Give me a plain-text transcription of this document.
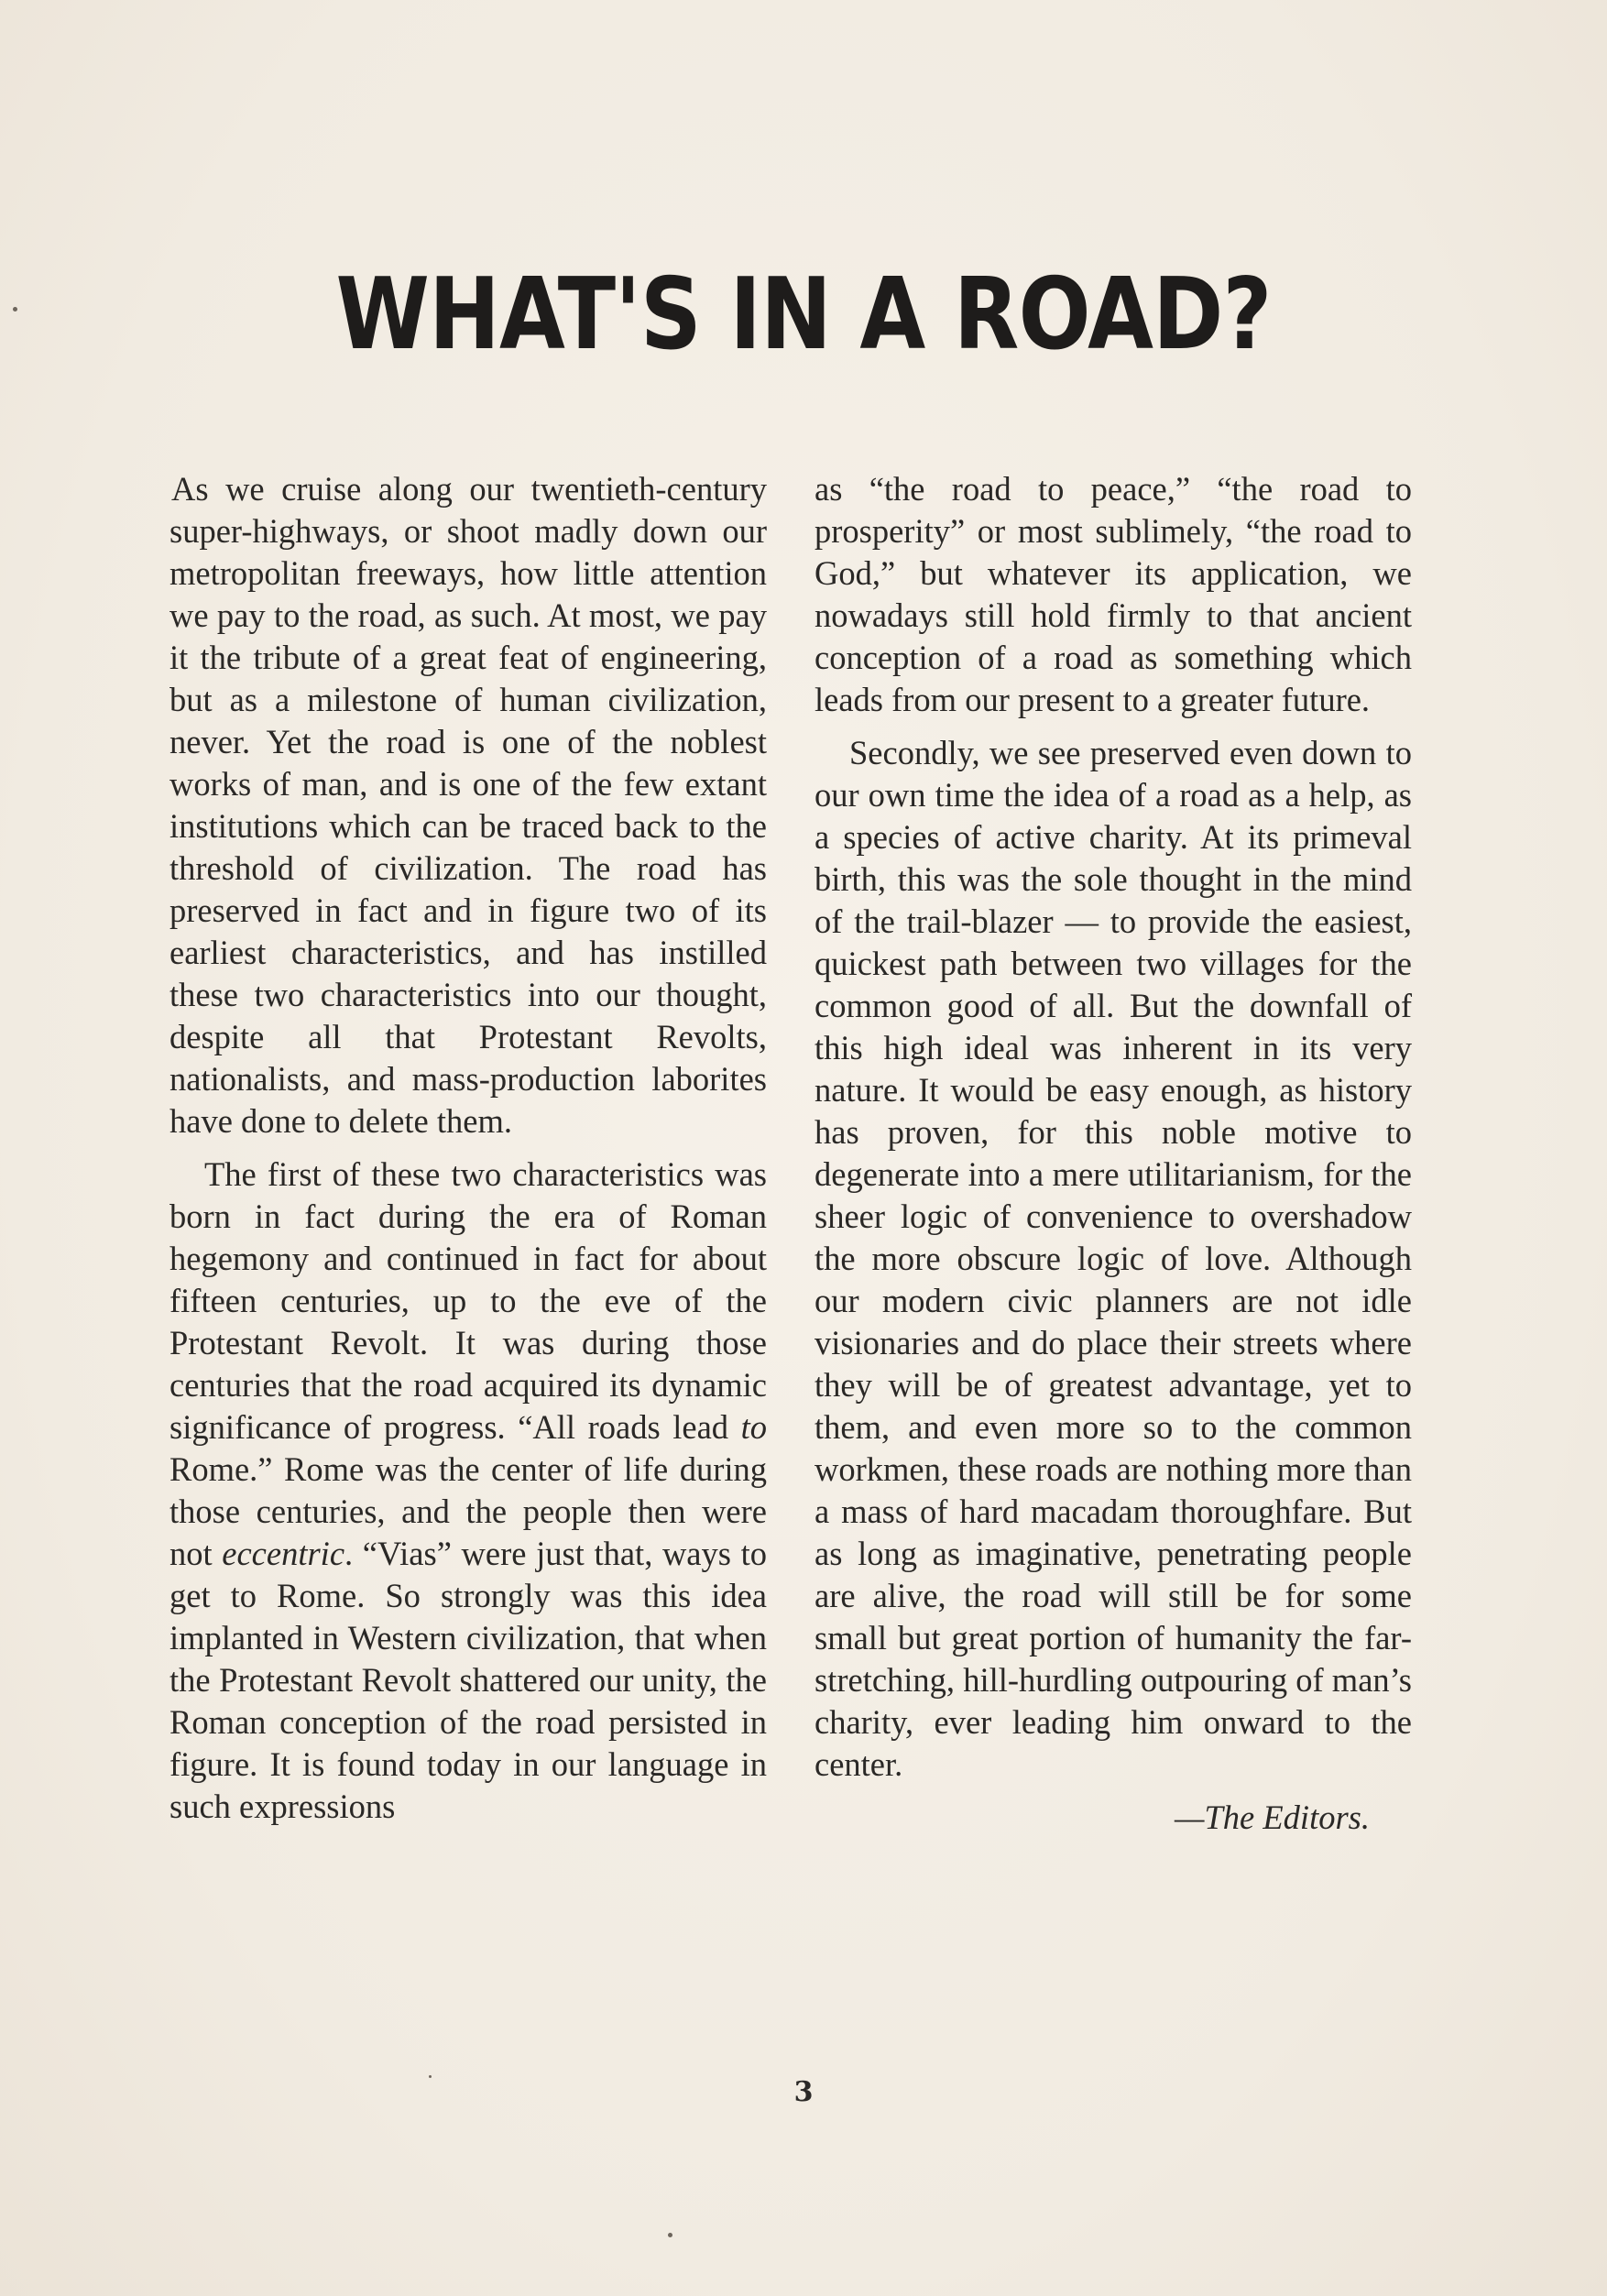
WHAT'S IN A ROAD?

As we cruise along our twentieth-century super-highways, or shoot madly down our metropolitan freeways, how little attention we pay to the road, as such. At most, we pay it the tribute of a great feat of engineering, but as a milestone of human civilization, never. Yet the road is one of the noblest works of man, and is one of the few extant institutions which can be traced back to the threshold of civilization. The road has preserved in fact and in figure two of its earliest characteristics, and has instilled these two characteristics into our thought, despite all that Protestant Revolts, nationalists, and mass-production laborites have done to delete them.

The first of these two characteristics was born in fact during the era of Roman hegemony and continued in fact for about fifteen centuries, up to the eve of the Protestant Revolt. It was during those centuries that the road acquired its dynamic significance of progress. “All roads lead to Rome.” Rome was the center of life during those centuries, and the people then were not eccentric. “Vias” were just that, ways to get to Rome. So strongly was this idea implanted in Western civilization, that when the Protestant Revolt shattered our unity, the Roman conception of the road persisted in figure. It is found today in our language in such expressions

as “the road to peace,” “the road to prosperity” or most sublimely, “the road to God,” but whatever its application, we nowadays still hold firmly to that ancient conception of a road as something which leads from our present to a greater future.

Secondly, we see preserved even down to our own time the idea of a road as a help, as a species of active charity. At its primeval birth, this was the sole thought in the mind of the trail-blazer — to provide the easiest, quickest path between two villages for the common good of all. But the downfall of this high ideal was inherent in its very nature. It would be easy enough, as history has proven, for this noble motive to degenerate into a mere utilitarianism, for the sheer logic of convenience to overshadow the more obscure logic of love. Although our modern civic planners are not idle visionaries and do place their streets where they will be of greatest advantage, yet to them, and even more so to the common workmen, these roads are nothing more than a mass of hard macadam thoroughfare. But as long as imaginative, penetrating people are alive, the road will still be for some small but great portion of humanity the far-stretching, hill-hurdling outpouring of man’s charity, ever leading him onward to the center.

—The Editors.
3
